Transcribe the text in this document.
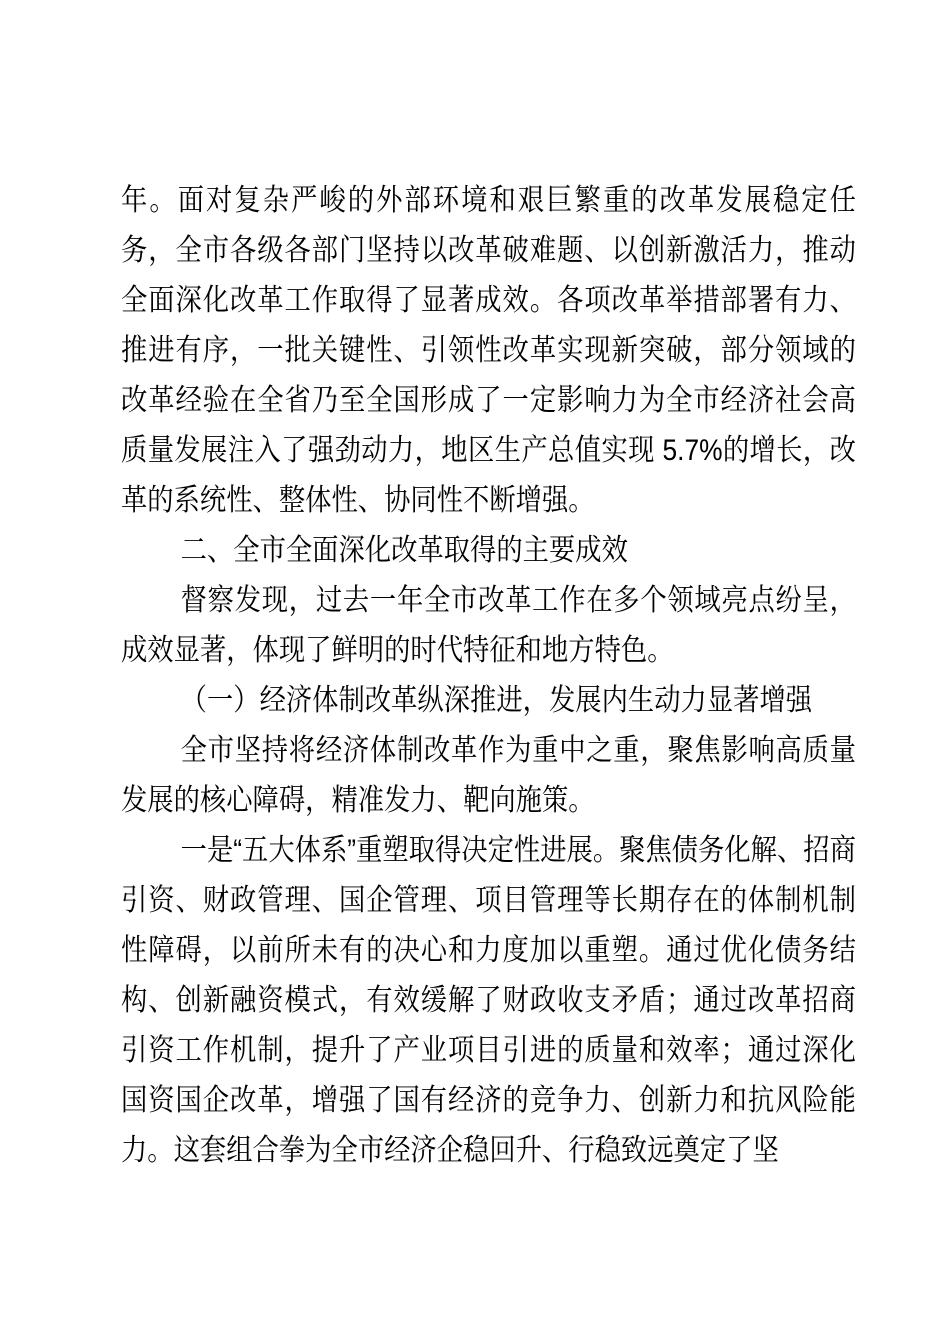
年。面对复杂严峻的外部环境和艰巨繁重的改革发展稳定任务，全市各级各部门坚持以改革破难题、以创新激活力，推动全面深化改革工作取得了显著成效。各项改革举措部署有力、推进有序，一批关键性、引领性改革实现新突破，部分领域的改革经验在全省乃至全国形成了一定影响力为全市经济社会高质量发展注入了强劲动力，地区生产总值实现 5.7%的增长，改革的系统性、整体性、协同性不断增强。

二、全市全面深化改革取得的主要成效

督察发现，过去一年全市改革工作在多个领域亮点纷呈，成效显著，体现了鲜明的时代特征和地方特色。

（一）经济体制改革纵深推进，发展内生动力显著增强

全市坚持将经济体制改革作为重中之重，聚焦影响高质量发展的核心障碍，精准发力、靶向施策。

一是“五大体系”重塑取得决定性进展。聚焦债务化解、招商引资、财政管理、国企管理、项目管理等长期存在的体制机制性障碍，以前所未有的决心和力度加以重塑。通过优化债务结构、创新融资模式，有效缓解了财政收支矛盾；通过改革招商引资工作机制，提升了产业项目引进的质量和效率；通过深化国资国企改革，增强了国有经济的竞争力、创新力和抗风险能力。这套组合拳为全市经济企稳回升、行稳致远奠定了坚
